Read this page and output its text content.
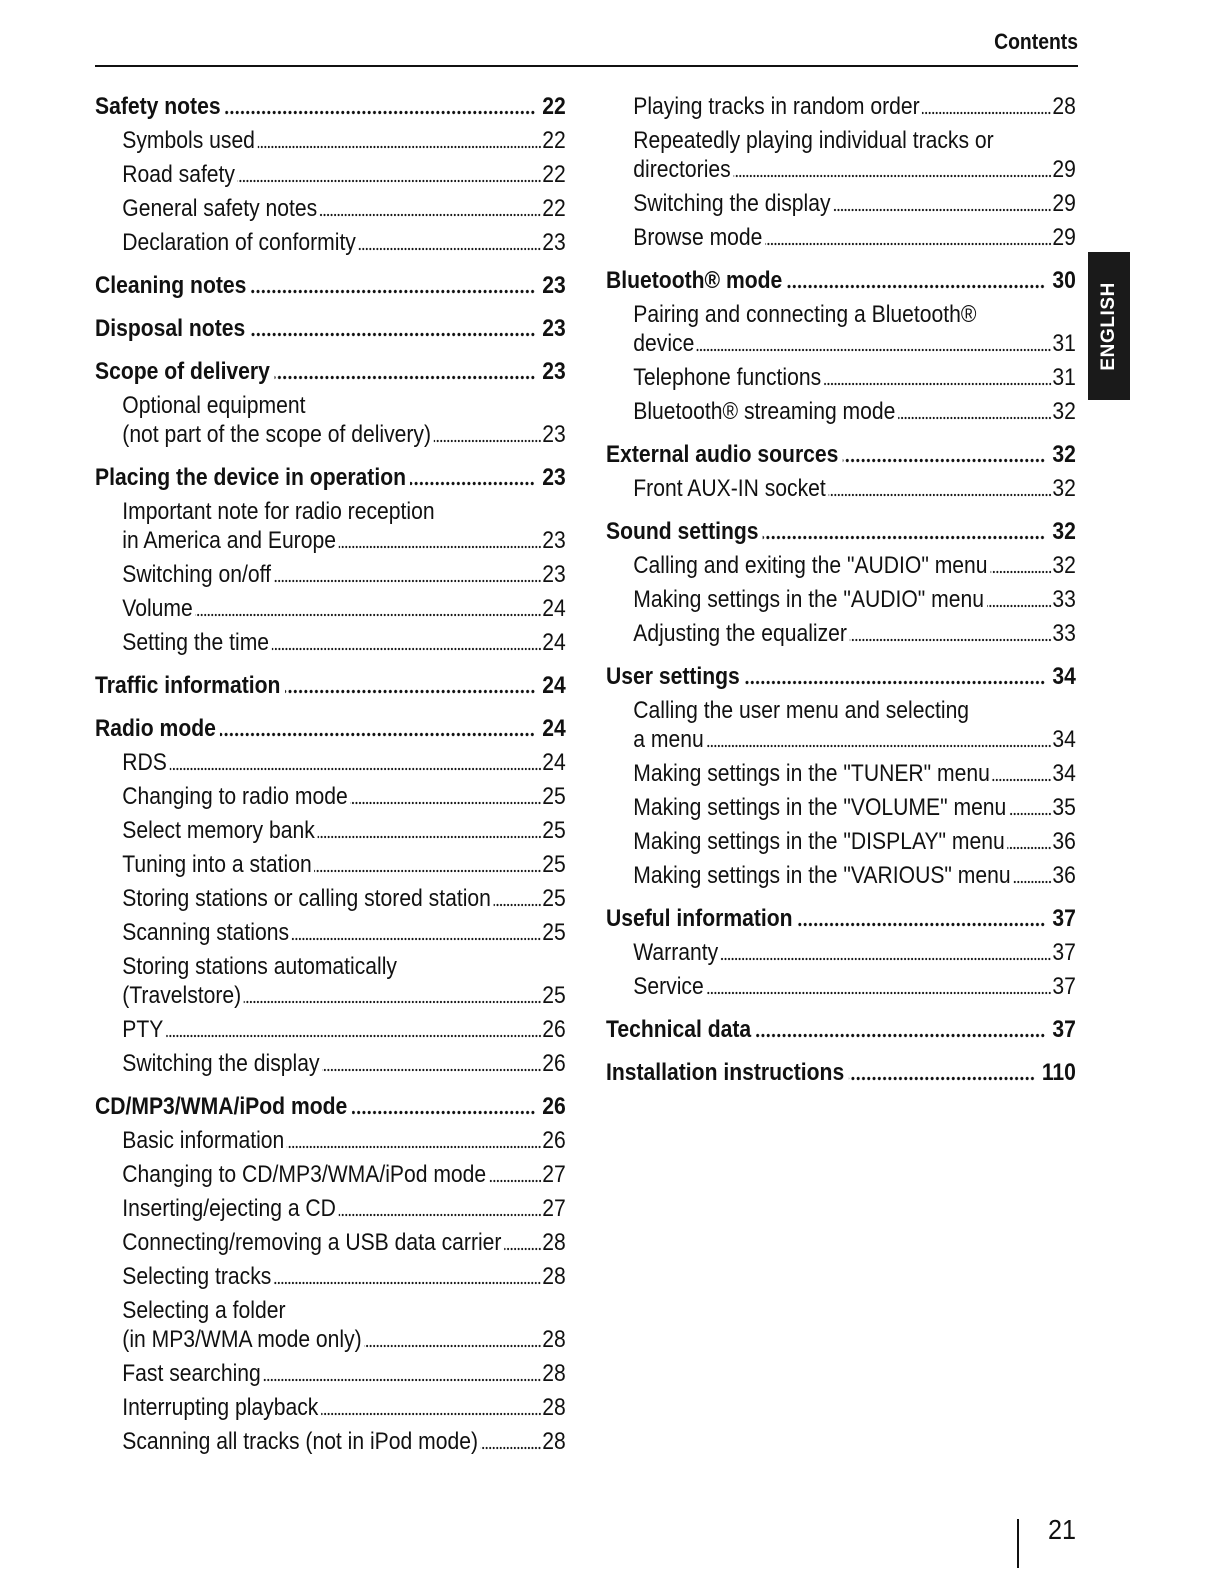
Contents
Safety notes	22
Symbols used	22
Road safety	22
General safety notes	22
Declaration of conformity	23
Cleaning notes	23
Disposal notes	23
Scope of delivery	23
Optional equipment
(not part of the scope of delivery)	23
Placing the device in operation	23
Important note for radio reception
in America and Europe	23
Switching on/off	23
Volume	24
Setting the time	24
Traffic information	24
Radio mode	24
RDS	24
Changing to radio mode	25
Select memory bank	25
Tuning into a station	25
Storing stations or calling stored station 25
Scanning stations	25
Storing stations automatically
(Travelstore)	25
PTY	26
Switching the display	26
CD/MP3/WMA/iPod mode	26
Basic information	26
Changing to CD/MP3/WMA/iPod mode 27
Inserting/ejecting a CD	27
Connecting/removing a USB data carrier 28
Selecting tracks	28
Selecting a folder
(in MP3/WMA mode only)	28
Fast searching	28
Interrupting playback	28
Scanning all tracks (not in iPod mode)	28
Playing tracks in random order	28
Repeatedly playing individual tracks or
directories	29
Switching the display	29
Browse mode	29
Bluetooth® mode	30
Pairing and connecting a Bluetooth®
device	31
Telephone functions	31
Bluetooth® streaming mode	32
External audio sources	32
Front AUX-IN socket	32
Sound settings	32
Calling and exiting the "AUDIO" menu	32
Making settings in the "AUDIO" menu	33
Adjusting the equalizer	33
User settings	34
Calling the user menu and selecting
a menu	34
Making settings in the "TUNER" menu	34
Making settings in the "VOLUME" menu 35
Making settings in the "DISPLAY" menu 36
Making settings in the "VARIOUS" menu 36
Useful information	37
Warranty	37
Service	37
Technical data	37
Installation instructions	110
ENGLISH
21
